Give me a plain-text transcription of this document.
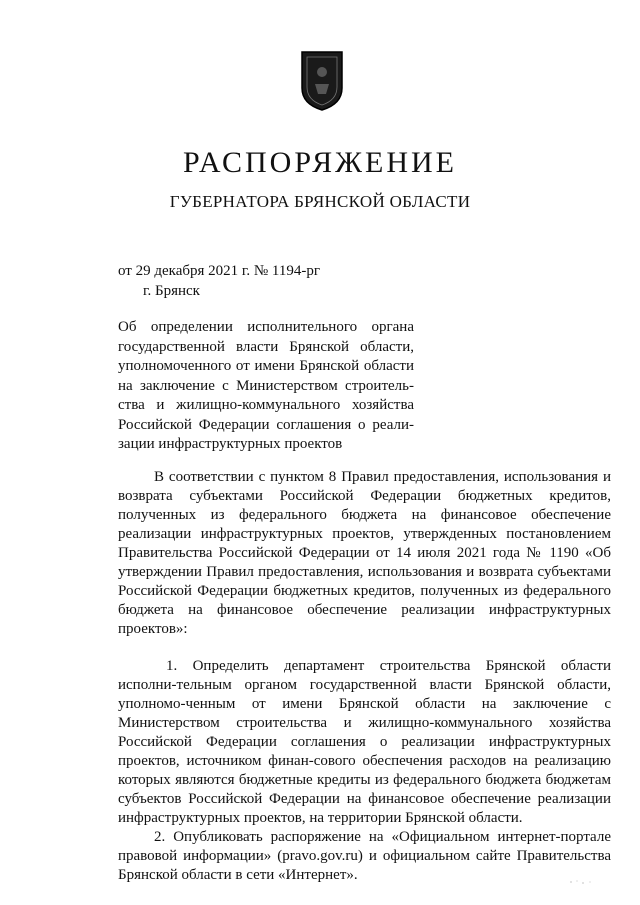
РАСПОРЯЖЕНИЕ
ГУБЕРНАТОРА БРЯНСКОЙ ОБЛАСТИ
от 29 декабря 2021 г. № 1194-рг
г. Брянск
Об определении исполнительного органа государственной власти Брянской области, уполномоченного от имени Брянской области на заключение с Министерством строитель-ства и жилищно-коммунального хозяйства Российской Федерации соглашения о реали-зации инфраструктурных проектов

В соответствии с пунктом 8 Правил предоставления, использования и возврата субъектами Российской Федерации бюджетных кредитов, полученных из федерального бюджета на финансовое обеспечение реализации инфраструктурных проектов, утвержденных постановлением Правительства Российской Федерации от 14 июля 2021 года № 1190 «Об утверждении Правил предоставления, использования и возврата субъектами Российской Федерации бюджетных кредитов, полученных из федерального бюджета на финансовое обеспечение реализации инфраструктурных проектов»:

1. Определить департамент строительства Брянской области исполни-тельным органом государственной власти Брянской области, уполномо-ченным от имени Брянской области на заключение с Министерством строительства и жилищно-коммунального хозяйства Российской Федерации соглашения о реализации инфраструктурных проектов, источником финан-сового обеспечения расходов на реализацию которых являются бюджетные кредиты из федерального бюджета бюджетам субъектов Российской Федерации на финансовое обеспечение реализации инфраструктурных проектов, на территории Брянской области.

2. Опубликовать распоряжение на «Официальном интернет-портале правовой информации» (pravo.gov.ru) и официальном сайте Правительства Брянской области в сети «Интернет».
